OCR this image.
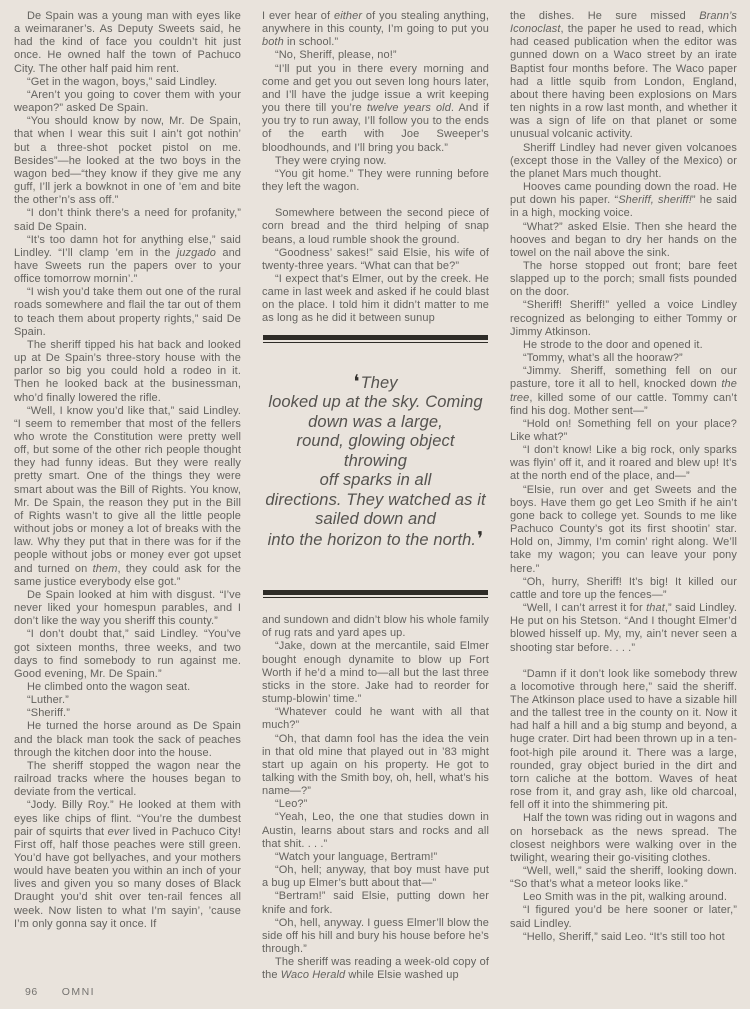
De Spain was a young man with eyes like a weimaraner’s. As Deputy Sweets said, he had the kind of face you couldn’t hit just once. He owned half the town of Pachuco City. The other half paid him rent.

“Get in the wagon, boys,” said Lindley.

“Aren’t you going to cover them with your weapon?” asked De Spain.

“You should know by now, Mr. De Spain, that when I wear this suit I ain’t got nothin’ but a three-shot pocket pistol on me. Besides”—he looked at the two boys in the wagon bed—“they know if they give me any guff, I’ll jerk a bowknot in one of ’em and bite the other’n’s ass off.”

“I don’t think there’s a need for profanity,” said De Spain.

“It’s too damn hot for anything else,” said Lindley. “I’ll clamp ’em in the juzgado and have Sweets run the papers over to your office tomorrow mornin’.”

“I wish you’d take them out one of the rural roads somewhere and flail the tar out of them to teach them about property rights,” said De Spain.

The sheriff tipped his hat back and looked up at De Spain’s three-story house with the parlor so big you could hold a rodeo in it. Then he looked back at the businessman, who’d finally lowered the rifle.

“Well, I know you’d like that,” said Lindley. “I seem to remember that most of the fellers who wrote the Constitution were pretty well off, but some of the other rich people thought they had funny ideas. But they were really pretty smart. One of the things they were smart about was the Bill of Rights. You know, Mr. De Spain, the reason they put in the Bill of Rights wasn’t to give all the little people without jobs or money a lot of breaks with the law. Why they put that in there was for if the people without jobs or money ever got upset and turned on them, they could ask for the same justice everybody else got.”

De Spain looked at him with disgust. “I’ve never liked your homespun parables, and I don’t like the way you sheriff this county.”

“I don’t doubt that,” said Lindley. “You’ve got sixteen months, three weeks, and two days to find somebody to run against me. Good evening, Mr. De Spain.”

He climbed onto the wagon seat.

“Luther.”

“Sheriff.”

He turned the horse around as De Spain and the black man took the sack of peaches through the kitchen door into the house.

The sheriff stopped the wagon near the railroad tracks where the houses began to deviate from the vertical.

“Jody. Billy Roy.” He looked at them with eyes like chips of flint. “You’re the dumbest pair of squirts that ever lived in Pachuco City! First off, half those peaches were still green. You’d have got bellyaches, and your mothers would have beaten you within an inch of your lives and given you so many doses of Black Draught you’d shit over ten-rail fences all week. Now listen to what I’m sayin’, ’cause I’m only gonna say it once. If

I ever hear of either of you stealing anything, anywhere in this county, I’m going to put you both in school.”

“No, Sheriff, please, no!”

“I’ll put you in there every morning and come and get you out seven long hours later, and I’ll have the judge issue a writ keeping you there till you’re twelve years old. And if you try to run away, I’ll follow you to the ends of the earth with Joe Sweeper’s bloodhounds, and I’ll bring you back.”

They were crying now.

“You git home.” They were running before they left the wagon.

Somewhere between the second piece of corn bread and the third helping of snap beans, a loud rumble shook the ground.

“Goodness’ sakes!” said Elsie, his wife of twenty-three years. “What can that be?”

“I expect that’s Elmer, out by the creek. He came in last week and asked if he could blast on the place. I told him it didn’t matter to me as long as he did it between sunup

❛They
looked up at the sky. Coming
down was a large,
round, glowing object throwing
off sparks in all
directions. They watched as it
sailed down and
into the horizon to the north.❜

and sundown and didn’t blow his whole family of rug rats and yard apes up.

“Jake, down at the mercantile, said Elmer bought enough dynamite to blow up Fort Worth if he’d a mind to—all but the last three sticks in the store. Jake had to reorder for stump-blowin’ time.”

“Whatever could he want with all that much?”

“Oh, that damn fool has the idea the vein in that old mine that played out in ’83 might start up again on his property. He got to talking with the Smith boy, oh, hell, what’s his name—?”

“Leo?”

“Yeah, Leo, the one that studies down in Austin, learns about stars and rocks and all that shit. . . .”

“Watch your language, Bertram!”

“Oh, hell; anyway, that boy must have put a bug up Elmer’s butt about that—”

“Bertram!” said Elsie, putting down her knife and fork.

“Oh, hell, anyway. I guess Elmer’ll blow the side off his hill and bury his house before he’s through.”

The sheriff was reading a week-old copy of the Waco Herald while Elsie washed up

the dishes. He sure missed Brann’s Iconoclast, the paper he used to read, which had ceased publication when the editor was gunned down on a Waco street by an irate Baptist four months before. The Waco paper had a little squib from London, England, about there having been explosions on Mars ten nights in a row last month, and whether it was a sign of life on that planet or some unusual volcanic activity.

Sheriff Lindley had never given volcanoes (except those in the Valley of the Mexico) or the planet Mars much thought.

Hooves came pounding down the road. He put down his paper. “Sheriff, sheriff!” he said in a high, mocking voice.

“What?” asked Elsie. Then she heard the hooves and began to dry her hands on the towel on the nail above the sink.

The horse stopped out front; bare feet slapped up to the porch; small fists pounded on the door.

“Sheriff! Sheriff!” yelled a voice Lindley recognized as belonging to either Tommy or Jimmy Atkinson.

He strode to the door and opened it.

“Tommy, what’s all the hooraw?”

“Jimmy. Sheriff, something fell on our pasture, tore it all to hell, knocked down the tree, killed some of our cattle. Tommy can’t find his dog. Mother sent—”

“Hold on! Something fell on your place? Like what?”

“I don’t know! Like a big rock, only sparks was flyin’ off it, and it roared and blew up! It’s at the north end of the place, and—”

“Elsie, run over and get Sweets and the boys. Have them go get Leo Smith if he ain’t gone back to college yet. Sounds to me like Pachuco County’s got its first shootin’ star. Hold on, Jimmy, I’m comin’ right along. We’ll take my wagon; you can leave your pony here.”

“Oh, hurry, Sheriff! It’s big! It killed our cattle and tore up the fences—”

“Well, I can’t arrest it for that,” said Lindley. He put on his Stetson. “And I thought Elmer’d blowed hisself up. My, my, ain’t never seen a shooting star before. . . .”

“Damn if it don’t look like somebody threw a locomotive through here,” said the sheriff. The Atkinson place used to have a sizable hill and the tallest tree in the county on it. Now it had half a hill and a big stump and beyond, a huge crater. Dirt had been thrown up in a ten-foot-high pile around it. There was a large, rounded, gray object buried in the dirt and torn caliche at the bottom. Waves of heat rose from it, and gray ash, like old charcoal, fell off it into the shimmering pit.

Half the town was riding out in wagons and on horseback as the news spread. The closest neighbors were walking over in the twilight, wearing their go-visiting clothes.

“Well, well,” said the sheriff, looking down. “So that’s what a meteor looks like.”

Leo Smith was in the pit, walking around.

“I figured you’d be here sooner or later,” said Lindley.

“Hello, Sheriff,” said Leo. “It’s still too hot

96 OMNI
